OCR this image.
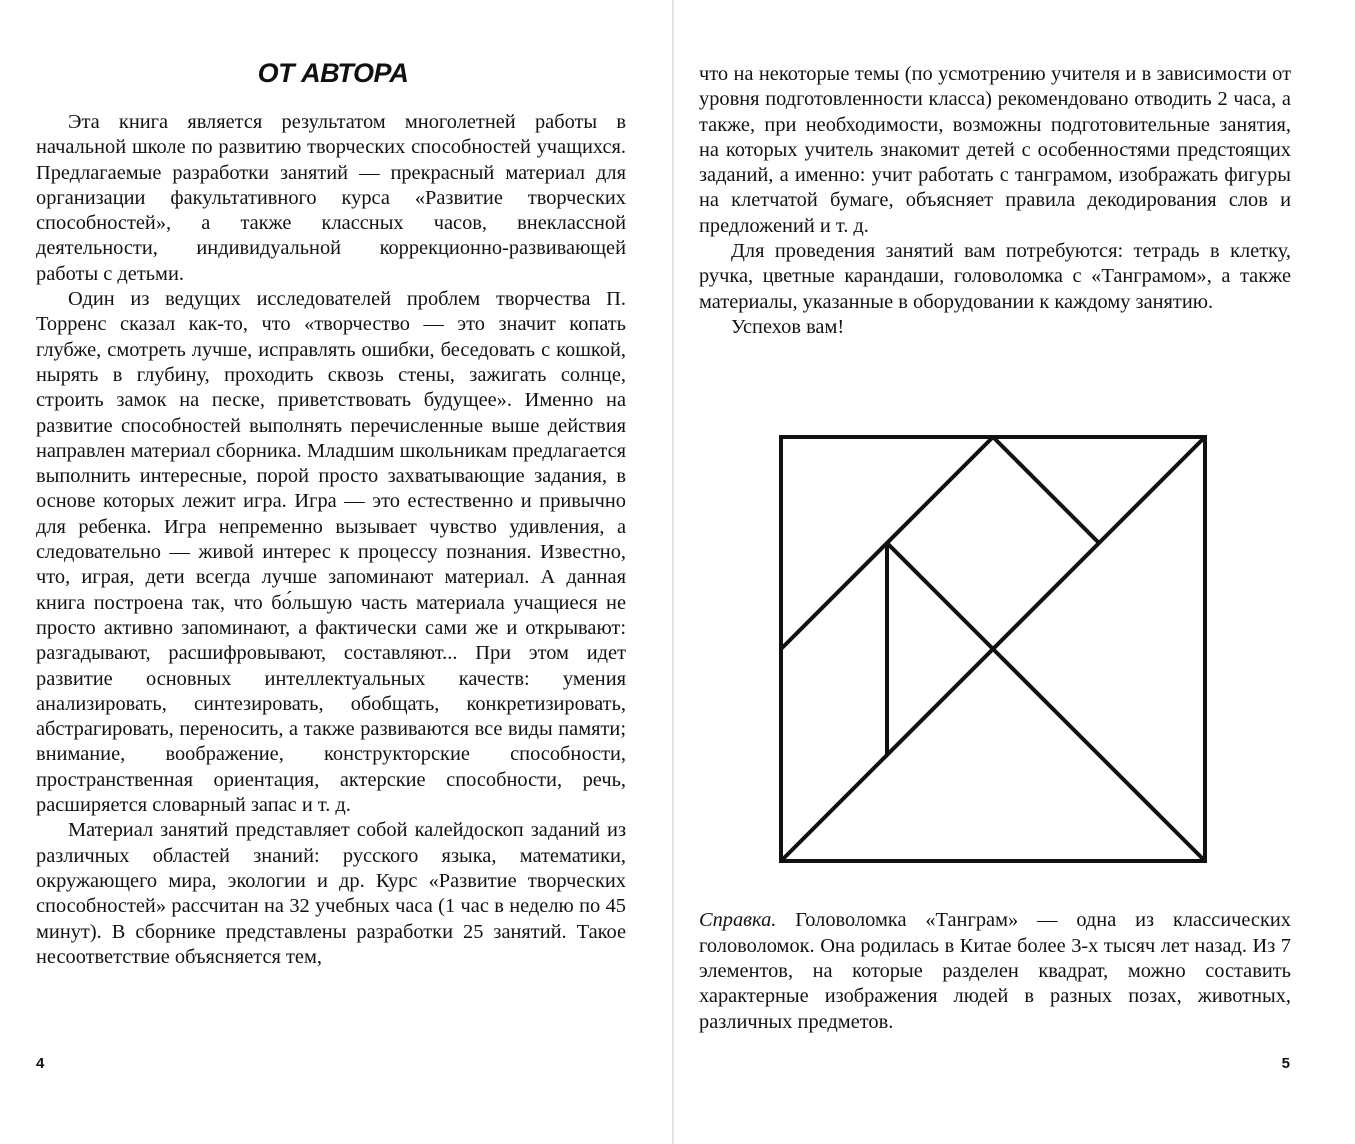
ОТ АВТОРА

Эта книга является результатом многолетней работы в начальной школе по развитию творческих способностей учащихся. Предлагаемые разработки занятий — прекрасный материал для организации факультативного курса «Развитие творческих способностей», а также классных часов, внеклассной деятельности, индивидуальной коррекционно-развивающей работы с детьми.

Один из ведущих исследователей проблем творчества П. Торренс сказал как-то, что «творчество — это значит копать глубже, смотреть лучше, исправлять ошибки, беседовать с кошкой, нырять в глубину, проходить сквозь стены, зажигать солнце, строить замок на песке, приветствовать будущее». Именно на развитие способностей выполнять перечисленные выше действия направлен материал сборника. Младшим школьникам предлагается выполнить интересные, порой просто захватывающие задания, в основе которых лежит игра. Игра — это естественно и привычно для ребенка. Игра непременно вызывает чувство удивления, а следовательно — живой интерес к процессу познания. Известно, что, играя, дети всегда лучше запоминают материал. А данная книга построена так, что бо́льшую часть материала учащиеся не просто активно запоминают, а фактически сами же и открывают: разгадывают, расшифровывают, составляют... При этом идет развитие основных интеллектуальных качеств: умения анализировать, синтезировать, обобщать, конкретизировать, абстрагировать, переносить, а также развиваются все виды памяти; внимание, воображение, конструкторские способности, пространственная ориентация, актерские способности, речь, расширяется словарный запас и т. д.

Материал занятий представляет собой калейдоскоп заданий из различных областей знаний: русского языка, математики, окружающего мира, экологии и др. Курс «Развитие творческих способностей» рассчитан на 32 учебных часа (1 час в неделю по 45 минут). В сборнике представлены разработки 25 занятий. Такое несоответствие объясняется тем,

4

что на некоторые темы (по усмотрению учителя и в зависимости от уровня подготовленности класса) рекомендовано отводить 2 часа, а также, при необходимости, возможны подготовительные занятия, на которых учитель знакомит детей с особенностями предстоящих заданий, а именно: учит работать с танграмом, изображать фигуры на клетчатой бумаге, объясняет правила декодирования слов и предложений и т. д.

Для проведения занятий вам потребуются: тетрадь в клетку, ручка, цветные карандаши, головоломка с «Танграмом», а также материалы, указанные в оборудовании к каждому занятию.

Успехов вам!

Справка. Головоломка «Танграм» — одна из классических головоломок. Она родилась в Китае более 3-х тысяч лет назад. Из 7 элементов, на которые разделен квадрат, можно составить характерные изображения людей в разных позах, животных, различных предметов.

5
